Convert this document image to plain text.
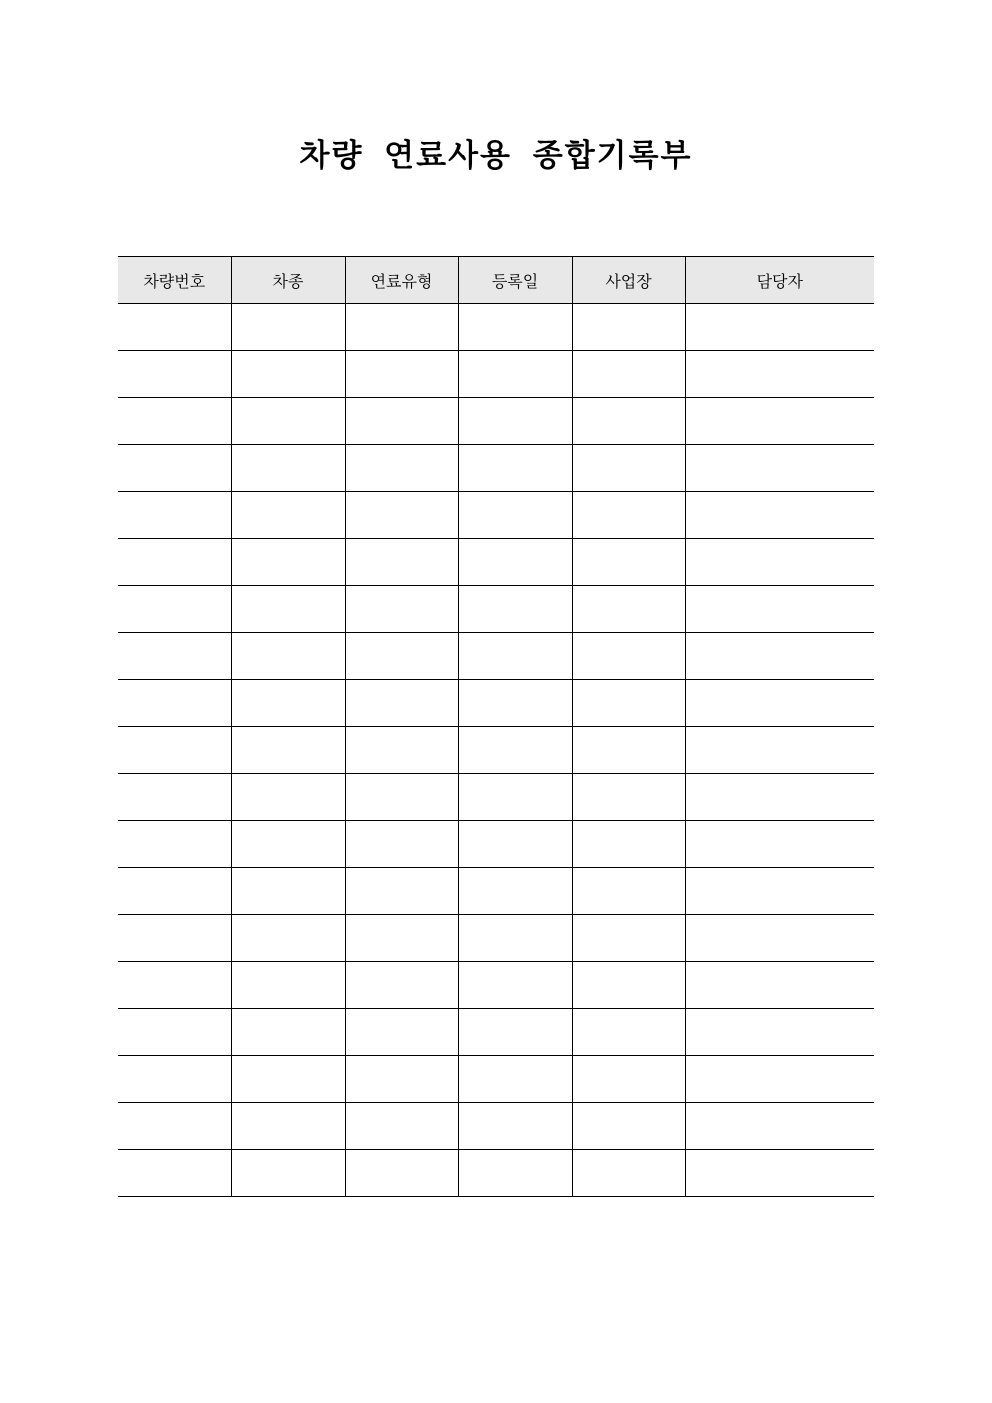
차량 연료사용 종합기록부
차량번호	차종	연료유형	등록일	사업장	담당자
